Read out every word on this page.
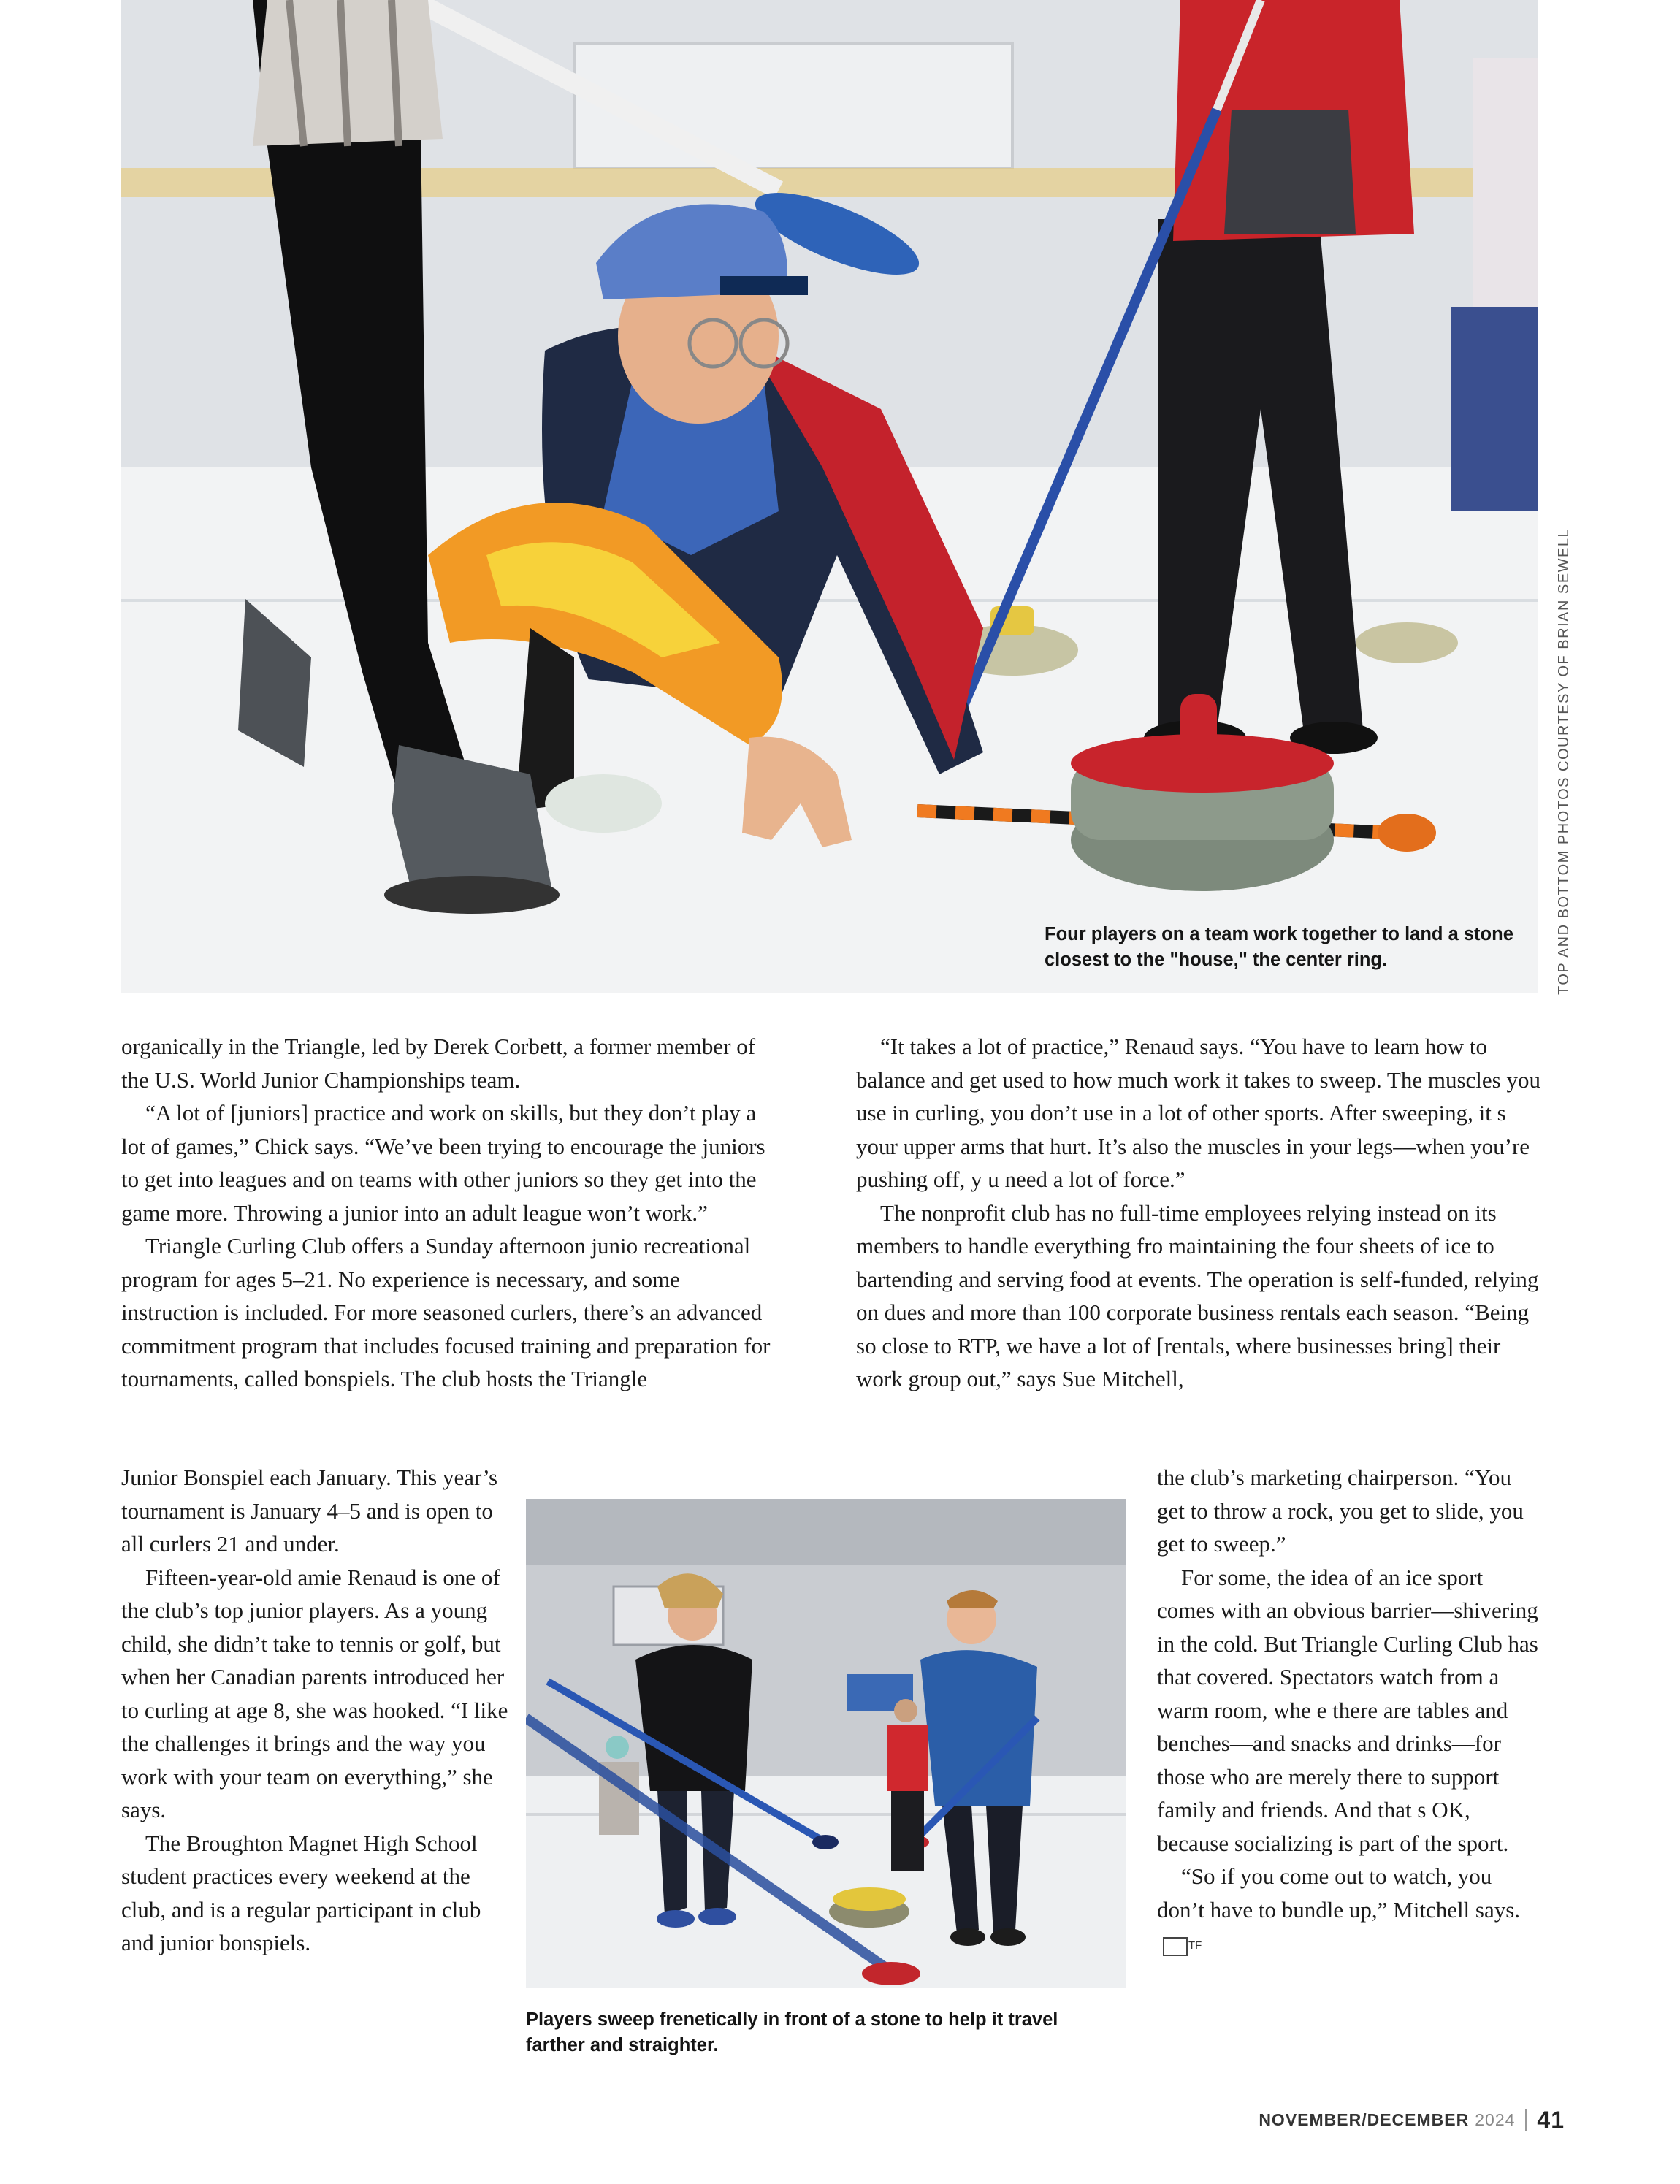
Four players on a team work together to land a stone closest to the "house," the center ring.	TOP AND BOTTOM PHOTOS COURTESY OF BRIAN SEWELL

organically in the Triangle, led by Derek Corbett, a former member of the U.S. World Junior Championships team.

“A lot of [juniors] practice and work on skills, but they don’t play a lot of games,” Chick says. “We’ve been trying to encourage the juniors to get into leagues and on teams with other juniors so they get into the game more. Throwing a junior into an adult league won’t work.”

Triangle Curling Club offers a Sunday afternoon junio recreational program for ages 5–21. No experience is necessary, and some instruction is included. For more seasoned curlers, there’s an advanced commitment program that includes focused training and preparation for tournaments, called bonspiels. The club hosts the Triangle

Junior Bonspiel each January. This year’s tournament is January 4–5 and is open to all curlers 21 and under.

Fifteen-year-old amie Renaud is one of the club’s top junior players. As a young child, she didn’t take to tennis or golf, but when her Canadian parents introduced her to curling at age 8, she was hooked. “I like the challenges it brings and the way you work with your team on everything,” she says.

The Broughton Magnet High School student practices every weekend at the club, and is a regular participant in club and junior bonspiels.

“It takes a lot of practice,” Renaud says. “You have to learn how to balance and get used to how much work it takes to sweep. The muscles you use in curling, you don’t use in a lot of other sports. After sweeping, it s your upper arms that hurt. It’s also the muscles in your legs—when you’re pushing off, y u need a lot of force.”

The nonprofit club has no full-time employees relying instead on its members to handle everything fro maintaining the four sheets of ice to bartending and serving food at events. The operation is self-funded, relying on dues and more than 100 corporate business rentals each season. “Being so close to RTP, we have a lot of [rentals, where businesses bring] their work group out,” says Sue Mitchell,

the club’s marketing chairperson. “You get to throw a rock, you get to slide, you get to sweep.”

For some, the idea of an ice sport comes with an obvious barrier—shivering in the cold. But Triangle Curling Club has that covered. Spectators watch from a warm room, whe e there are tables and benches—and snacks and drinks—for those who are merely there to support family and friends. And that s OK, because socializing is part of the sport.

“So if you come out to watch, you don’t have to bundle up,” Mitchell says.TF

Players sweep frenetically in front of a stone to help it travel farther and straighter.
NOVEMBER/DECEMBER 2024 41
